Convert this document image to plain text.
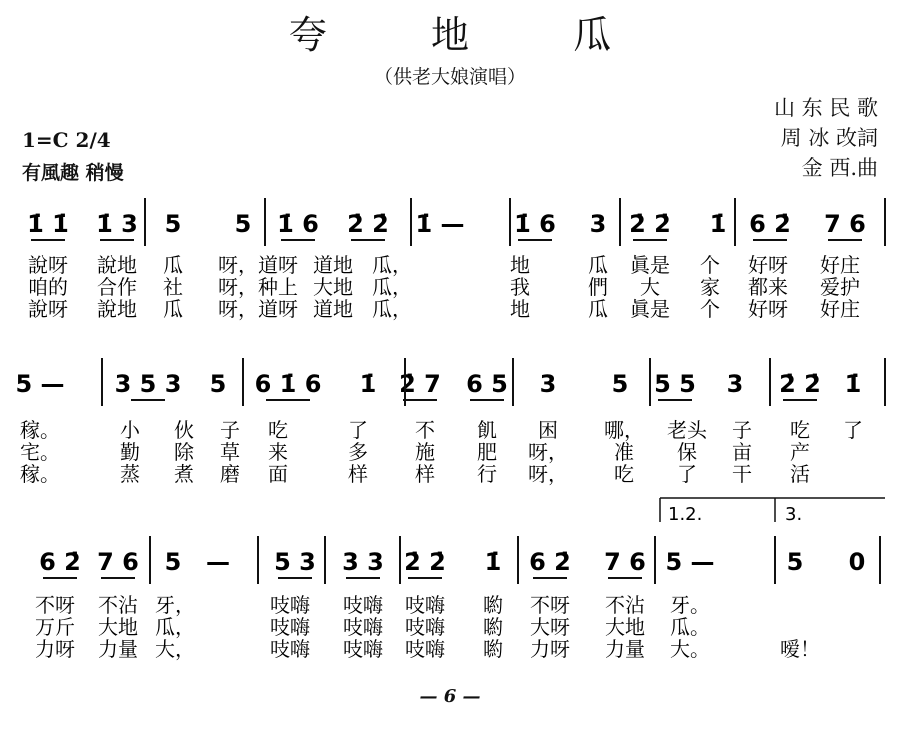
夸 地 瓜
（供老大娘演唱）
山 东 民 歌
周 冰 改詞
金 西.曲
1=C 2/4
有風趣 稍慢
1̇ 1̇ 1̇ 3 5 5 1̇ 6 2̇ 2̇ 1̇ — 1̇ 6 3 2̇ 2̇ 1̇ 6 2̇ 7 6
說呀 說地 瓜 呀，道呀 道地 瓜，	地	瓜 眞是 个 好呀 好庄
咱的 合作 社 呀，种上 大地 瓜，	我	們 大 家 都来 爱护
說呀 說地 瓜 呀，道呀 道地 瓜，	地	瓜 眞是 个 好呀 好庄
5 — 3 5 3 5 6 1̇ 6 1̇ 2̇ 7 6 5 3 5 5 5 3 2̇ 2̇ 1̇
稼。	小 伙 子 吃	了 不 飢 困 哪， 老头 子 吃 了
宅。	勤 除 草 来	多 施 肥 呀， 准 保 亩 产
稼。	蒸 煮 磨 面	样 样 行 呀， 吃 了 干 活
1.2.	3.
6 2̇ 7 6 5 — 5 3 3 3 2̇ 2̇ 1̇ 6 2̇ 7 6 5 —	5 0
不呀 不沾 牙，	吱嗨 吱嗨 吱嗨 喲 不呀 不沾 牙。
万斤 大地 瓜，	吱嗨 吱嗨 吱嗨 喲 大呀 大地 瓜。
力呀 力量 大，	吱嗨 吱嗨 吱嗨 喲 力呀 力量 大。	嗳！
— 6 —
